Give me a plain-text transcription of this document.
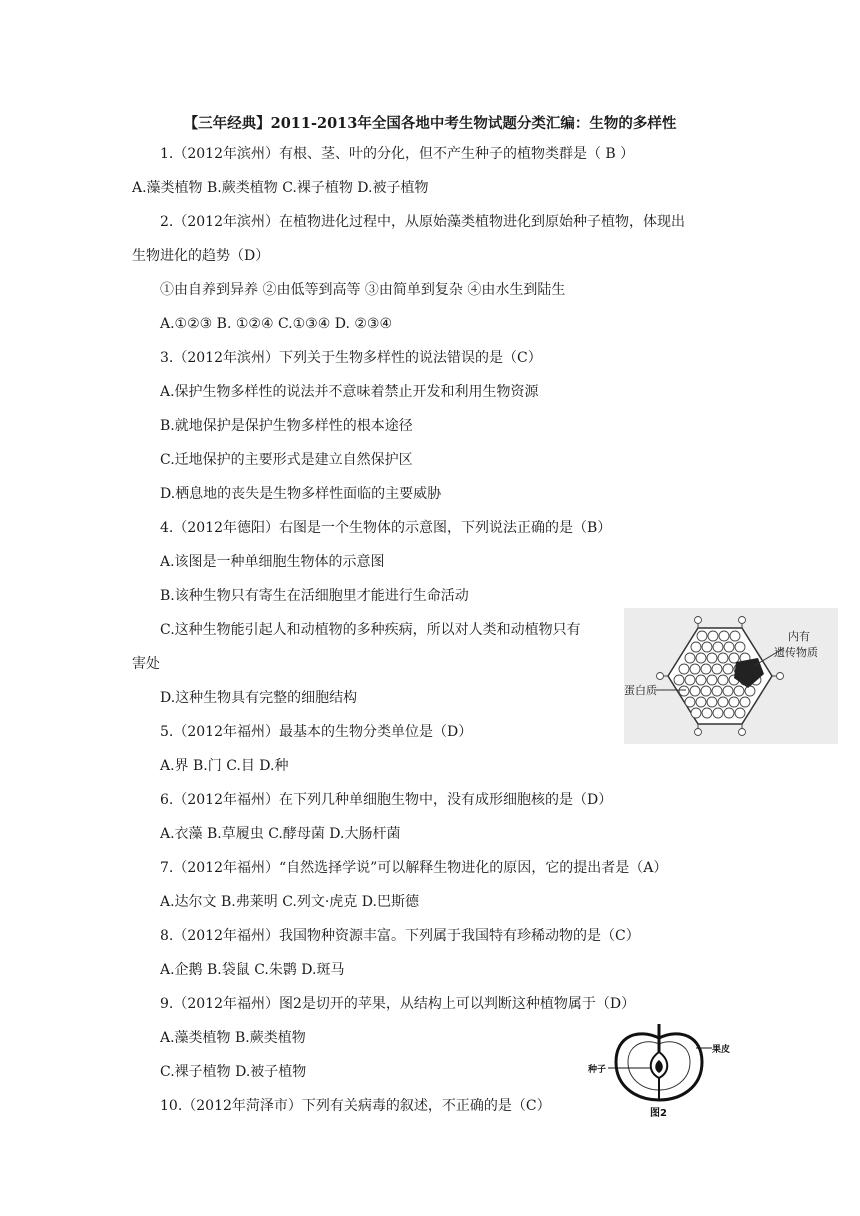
【三年经典】2011-2013年全国各地中考生物试题分类汇编：生物的多样性
1.（2012年滨州）有根、茎、叶的分化，但不产生种子的植物类群是（ B ）
A.藻类植物 B.蕨类植物 C.裸子植物 D.被子植物
2.（2012年滨州）在植物进化过程中，从原始藻类植物进化到原始种子植物，体现出
生物进化的趋势（D）
①由自养到异养 ②由低等到高等 ③由简单到复杂 ④由水生到陆生
A.①②③ B. ①②④ C.①③④ D. ②③④
3.（2012年滨州）下列关于生物多样性的说法错误的是（C）
A.保护生物多样性的说法并不意味着禁止开发和利用生物资源
B.就地保护是保护生物多样性的根本途径
C.迁地保护的主要形式是建立自然保护区
D.栖息地的丧失是生物多样性面临的主要威胁
4.（2012年德阳）右图是一个生物体的示意图，下列说法正确的是（B）
A.该图是一种单细胞生物体的示意图
B.该种生物只有寄生在活细胞里才能进行生命活动
C.这种生物能引起人和动植物的多种疾病，所以对人类和动植物只有
害处
D.这种生物具有完整的细胞结构
5.（2012年福州）最基本的生物分类单位是（D）
A.界 B.门 C.目 D.种
6.（2012年福州）在下列几种单细胞生物中，没有成形细胞核的是（D）
A.衣藻 B.草履虫 C.酵母菌 D.大肠杆菌
7.（2012年福州）“自然选择学说”可以解释生物进化的原因，它的提出者是（A）
A.达尔文 B.弗莱明 C.列文·虎克 D.巴斯德
8.（2012年福州）我国物种资源丰富。下列属于我国特有珍稀动物的是（C）
A.企鹅 B.袋鼠 C.朱鹮 D.斑马
9.（2012年福州）图2是切开的苹果，从结构上可以判断这种植物属于（D）
A.藻类植物 B.蕨类植物
C.裸子植物 D.被子植物
10.（2012年菏泽市）下列有关病毒的叙述，不正确的是（C）
内有
遗传物质
蛋白质
果皮
种子
图2
